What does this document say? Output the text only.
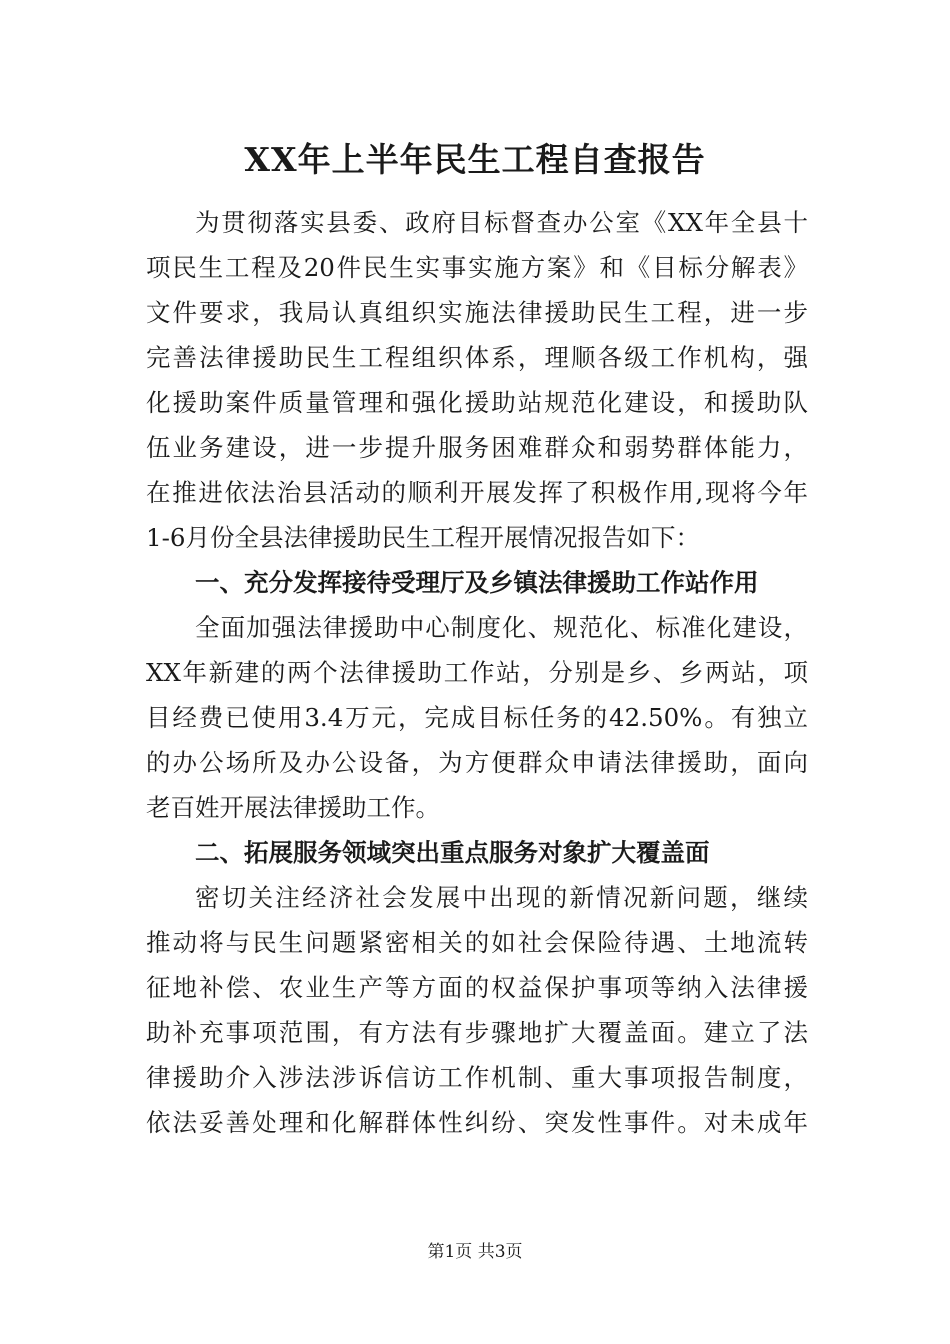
XX年上半年民生工程自查报告
为贯彻落实县委、政府目标督查办公室《XX年全县十
项民生工程及20件民生实事实施方案》和《目标分解表》
文件要求，我局认真组织实施法律援助民生工程，进一步
完善法律援助民生工程组织体系，理顺各级工作机构，强
化援助案件质量管理和强化援助站规范化建设，和援助队
伍业务建设，进一步提升服务困难群众和弱势群体能力，
在推进依法治县活动的顺利开展发挥了积极作用,现将今年
1-6月份全县法律援助民生工程开展情况报告如下：
一、充分发挥接待受理厅及乡镇法律援助工作站作用
全面加强法律援助中心制度化、规范化、标准化建设，
XX年新建的两个法律援助工作站，分别是乡、乡两站，项
目经费已使用3.4万元，完成目标任务的42.50%。有独立
的办公场所及办公设备，为方便群众申请法律援助，面向
老百姓开展法律援助工作。
二、拓展服务领域突出重点服务对象扩大覆盖面
密切关注经济社会发展中出现的新情况新问题，继续
推动将与民生问题紧密相关的如社会保险待遇、土地流转
征地补偿、农业生产等方面的权益保护事项等纳入法律援
助补充事项范围，有方法有步骤地扩大覆盖面。建立了法
律援助介入涉法涉诉信访工作机制、重大事项报告制度，
依法妥善处理和化解群体性纠纷、突发性事件。对未成年
第1页 共3页
